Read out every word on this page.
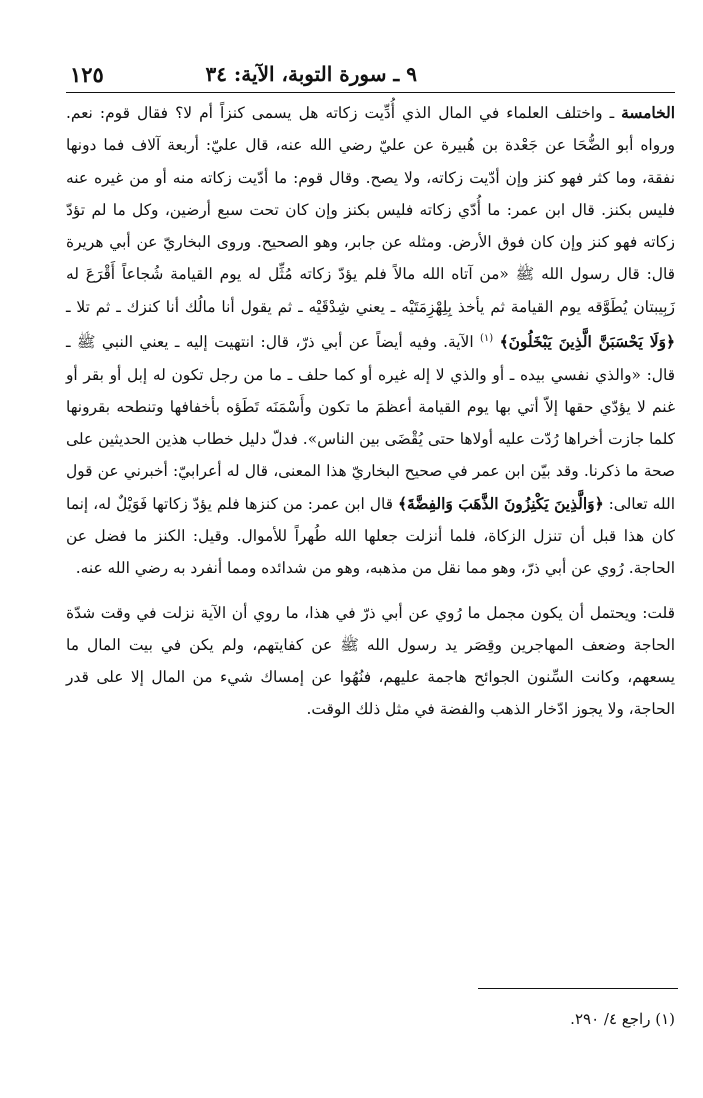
٩ ـ سورة التوبة، الآية: ٣٤
١٢٥

الخامسة ـ واختلف العلماء في المال الذي أُدِّيت زكاته هل يسمى كنزاً أم لا؟ فقال قوم: نعم. ورواه أبو الضُّحَا عن جَعْدة بن هُبيرة عن عليّ رضي الله عنه، قال عليّ: أربعة آلاف فما دونها نفقة، وما كثر فهو كنز وإن أدّيت زكاته، ولا يصح. وقال قوم: ما أدّيت زكاته منه أو من غيره عنه فليس بكنز. قال ابن عمر: ما أُدّي زكاته فليس بكنز وإن كان تحت سبع أرضين، وكل ما لم تؤدّ زكاته فهو كنز وإن كان فوق الأرض. ومثله عن جابر، وهو الصحيح. وروى البخاريّ عن أبي هريرة قال: قال رسول الله ﷺ «من آتاه الله مالاً فلم يؤدّ زكاته مُثِّل له يوم القيامة شُجاعاً أَقْرَعَ له زَبِيبتان يُطَوَّقه يوم القيامة ثم يأخذ بِلِهْزِمَتَيْه ـ يعني شِدْقَيْه ـ ثم يقول أنا مالُك أنا كنزك ـ ثم تلا ـ ﴿وَلَا يَحْسَبَنَّ الَّذِينَ يَبْخَلُونَ﴾ $^{(١)}$ الآية. وفيه أيضاً عن أبي ذرّ، قال: انتهيت إليه ـ يعني النبي ﷺ ـ قال: «والذي نفسي بيده ـ أو والذي لا إله غيره أو كما حلف ـ ما من رجل تكون له إبل أو بقر أو غنم لا يؤدّي حقها إلاّ أتي بها يوم القيامة أعظمَ ما تكون وأَسْمَنَه تَطَؤه بأخفافها وتنطحه بقرونها كلما جازت أخراها رُدّت عليه أولاها حتى يُقْضَى بين الناس». فدلّ دليل خطاب هذين الحديثين على صحة ما ذكرنا. وقد بيّن ابن عمر في صحيح البخاريّ هذا المعنى، قال له أعرابيّ: أخبرني عن قول الله تعالى: ﴿وَالَّذِينَ يَكْنِزُونَ الذَّهَبَ وَالفِضَّةَ﴾ قال ابن عمر: من كنزها فلم يؤدّ زكاتها فَوَيْلٌ له، إنما كان هذا قبل أن تنزل الزكاة، فلما أنزلت جعلها الله طُهراً للأموال. وقيل: الكنز ما فضل عن الحاجة. رُوي عن أبي ذرّ، وهو مما نقل من مذهبه، وهو من شدائده ومما أنفرد به رضي الله عنه.

قلت: ويحتمل أن يكون مجمل ما رُوي عن أبي ذرّ في هذا، ما روي أن الآية نزلت في وقت شدّة الحاجة وضعف المهاجرين وقِصَر يد رسول الله ﷺ عن كفايتهم، ولم يكن في بيت المال ما يسعهم، وكانت السِّنون الجوائح هاجمة عليهم، فنُهُوا عن إمساك شيء من المال إلا على قدر الحاجة، ولا يجوز ادّخار الذهب والفضة في مثل ذلك الوقت.

(١) راجع ٤/ ٢٩٠.
